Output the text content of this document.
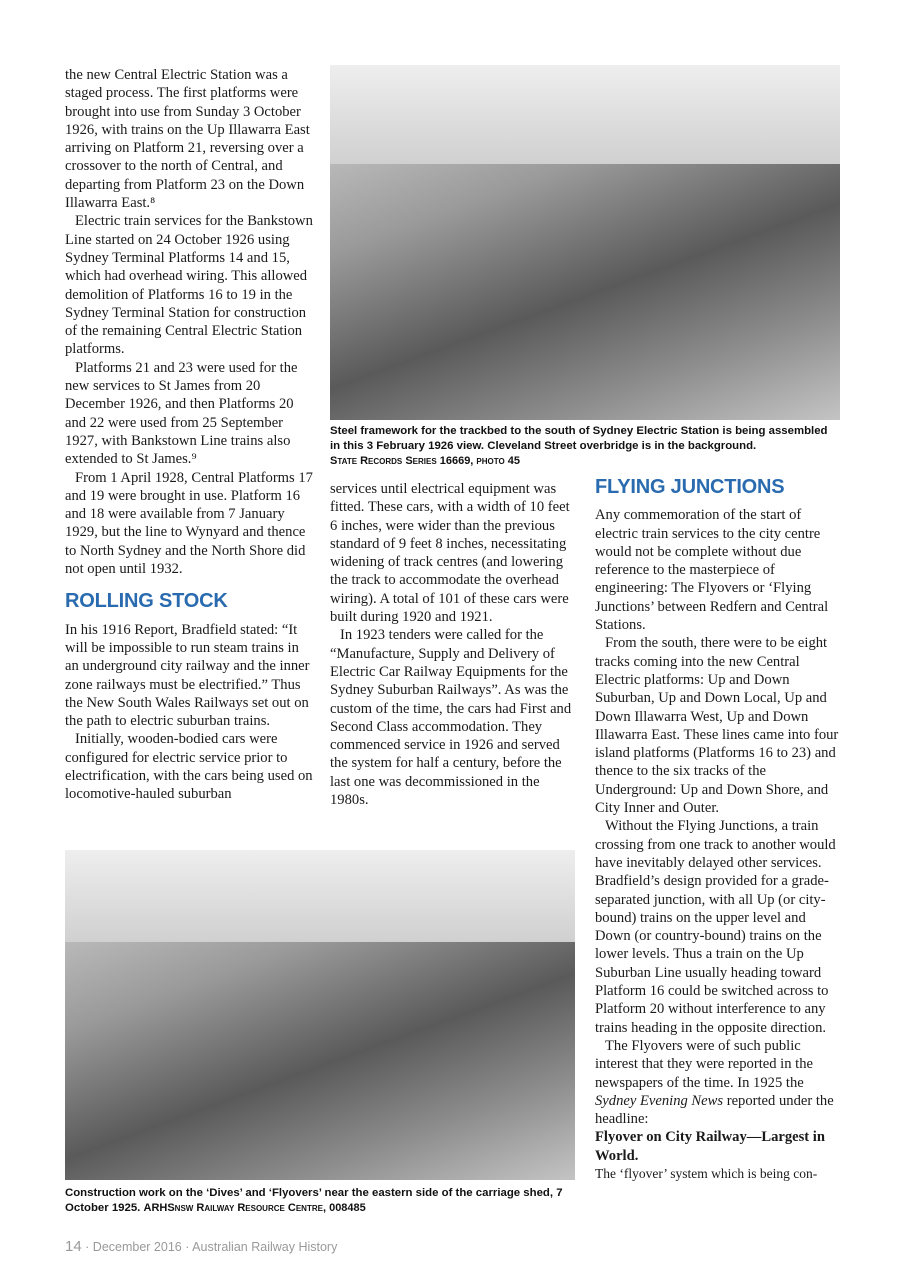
the new Central Electric Station was a staged process. The first platforms were brought into use from Sunday 3 October 1926, with trains on the Up Illawarra East arriving on Platform 21, reversing over a crossover to the north of Central, and departing from Platform 23 on the Down Illawarra East.⁸

Electric train services for the Bankstown Line started on 24 October 1926 using Sydney Terminal Platforms 14 and 15, which had overhead wiring. This allowed demolition of Platforms 16 to 19 in the Sydney Terminal Station for construction of the remaining Central Electric Station platforms.

Platforms 21 and 23 were used for the new services to St James from 20 December 1926, and then Platforms 20 and 22 were used from 25 September 1927, with Bankstown Line trains also extended to St James.⁹

From 1 April 1928, Central Platforms 17 and 19 were brought in use. Platform 16 and 18 were available from 7 January 1929, but the line to Wynyard and thence to North Sydney and the North Shore did not open until 1932.

ROLLING STOCK

In his 1916 Report, Bradfield stated: “It will be impossible to run steam trains in an underground city railway and the inner zone railways must be electrified.” Thus the New South Wales Railways set out on the path to electric suburban trains.

Initially, wooden-bodied cars were configured for electric service prior to electrification, with the cars being used on locomotive-hauled suburban

Steel framework for the trackbed to the south of Sydney Electric Station is being assembled in this 3 February 1926 view. Cleveland Street overbridge is in the background.
State Records Series 16669, photo 45

services until electrical equipment was fitted. These cars, with a width of 10 feet 6 inches, were wider than the previous standard of 9 feet 8 inches, necessitating widening of track centres (and lowering the track to accommodate the overhead wiring). A total of 101 of these cars were built during 1920 and 1921.

In 1923 tenders were called for the “Manufacture, Supply and Delivery of Electric Car Railway Equipments for the Sydney Suburban Railways”. As was the custom of the time, the cars had First and Second Class accommodation. They commenced service in 1926 and served the system for half a century, before the last one was decommissioned in the 1980s.

FLYING JUNCTIONS

Any commemoration of the start of electric train services to the city centre would not be complete without due reference to the masterpiece of engineering: The Flyovers or ‘Flying Junctions’ between Redfern and Central Stations.

From the south, there were to be eight tracks coming into the new Central Electric platforms: Up and Down Suburban, Up and Down Local, Up and Down Illawarra West, Up and Down Illawarra East. These lines came into four island platforms (Platforms 16 to 23) and thence to the six tracks of the Underground: Up and Down Shore, and City Inner and Outer.

Without the Flying Junctions, a train crossing from one track to another would have inevitably delayed other services. Bradfield’s design provided for a grade-separated junction, with all Up (or city-bound) trains on the upper level and Down (or country-bound) trains on the lower levels. Thus a train on the Up Suburban Line usually heading toward Platform 16 could be switched across to Platform 20 without interference to any trains heading in the opposite direction.

The Flyovers were of such public interest that they were reported in the newspapers of the time. In 1925 the Sydney Evening News reported under the headline:

Flyover on City Railway—Largest in World.

The ‘flyover’ system which is being con-

Construction work on the ‘Dives’ and ‘Flyovers’ near the eastern side of the carriage shed, 7 October 1925. ARHSnsw Railway Resource Centre, 008485
14 · December 2016 · Australian Railway History
